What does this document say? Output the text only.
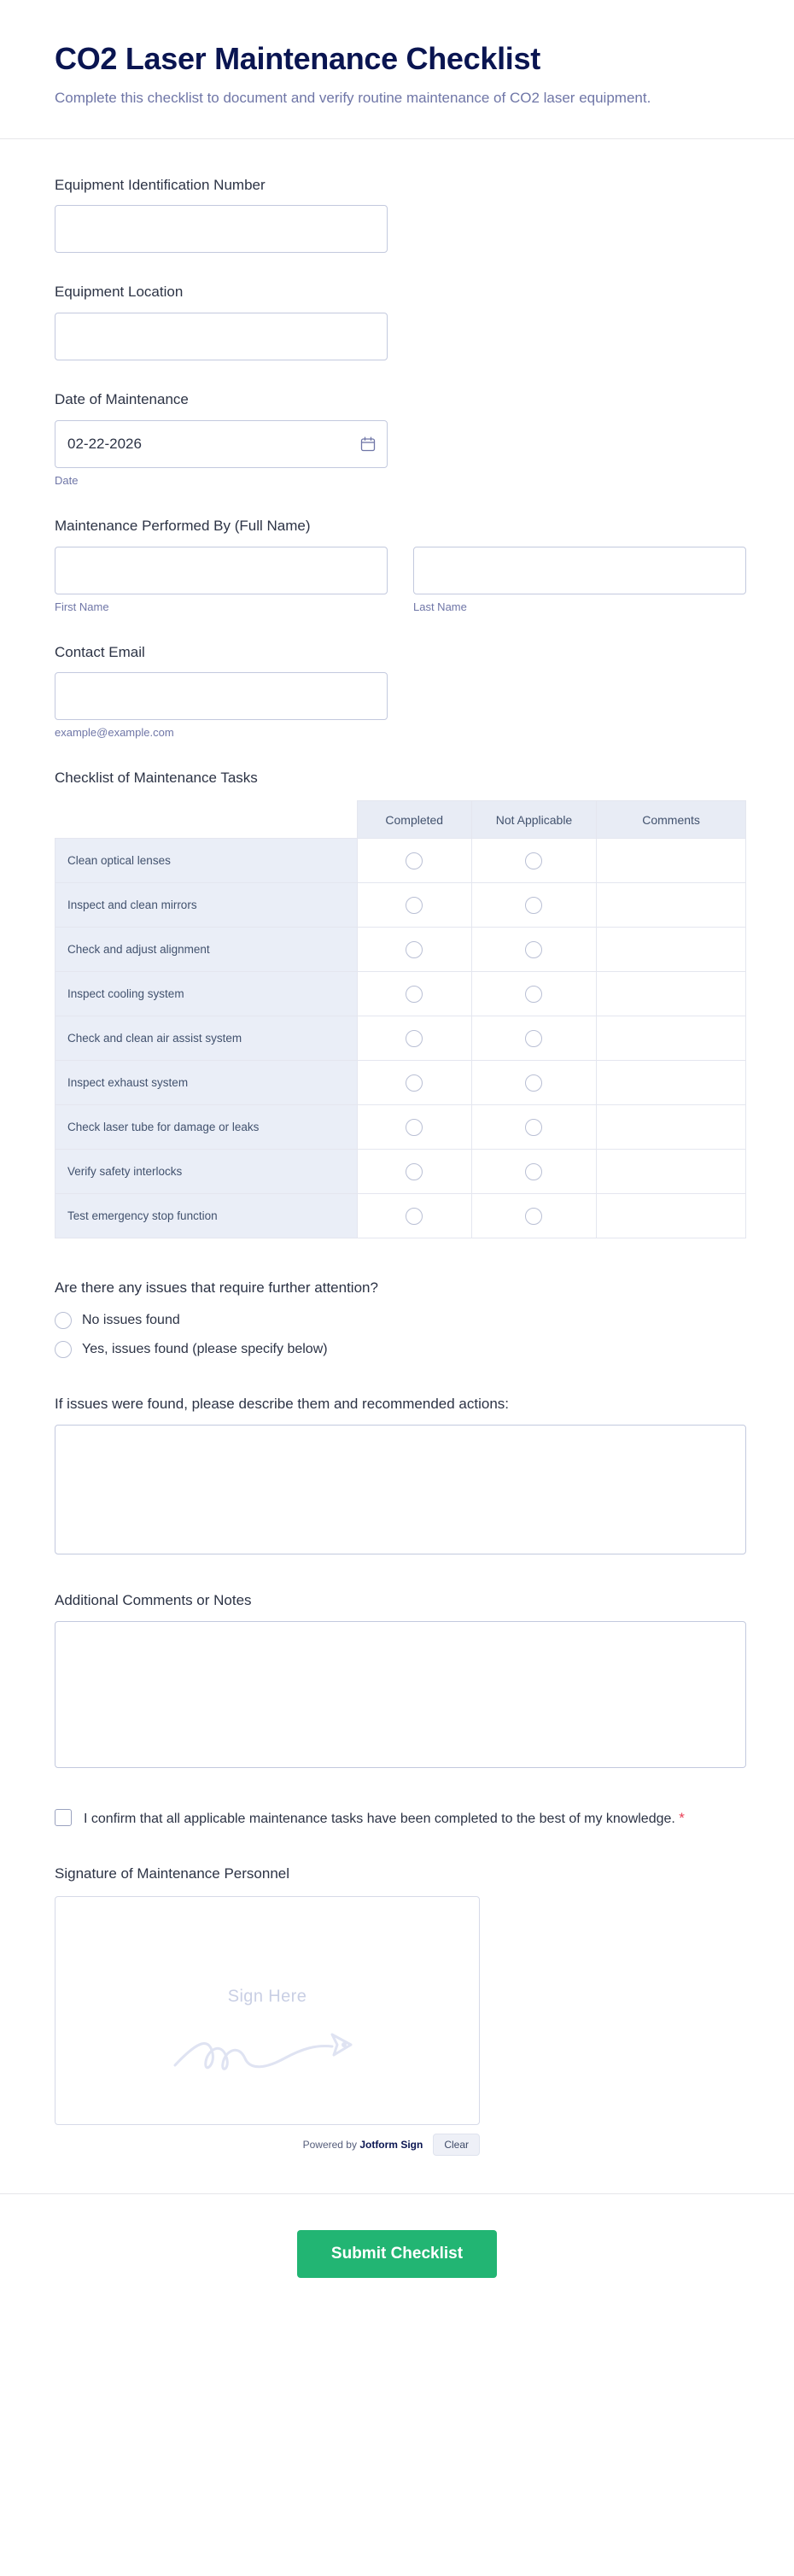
CO2 Laser Maintenance Checklist

Complete this checklist to document and verify routine maintenance of CO2 laser equipment.

Equipment Identification Number
Equipment Location
Date of Maintenance
02-22-2026
Date
Maintenance Performed By (Full Name)
First Name	Last Name
Contact Email
example@example.com
Checklist of Maintenance Tasks
	Completed	Not Applicable	Comments
Clean optical lenses			
Inspect and clean mirrors			
Check and adjust alignment			
Inspect cooling system			
Check and clean air assist system			
Inspect exhaust system			
Check laser tube for damage or leaks			
Verify safety interlocks			
Test emergency stop function			
Are there any issues that require further attention?
No issues found
Yes, issues found (please specify below)
If issues were found, please describe them and recommended actions:
Additional Comments or Notes
I confirm that all applicable maintenance tasks have been completed to the best of my knowledge. *
Signature of Maintenance Personnel
Sign Here
Powered by Jotform Sign	Clear
Submit Checklist
